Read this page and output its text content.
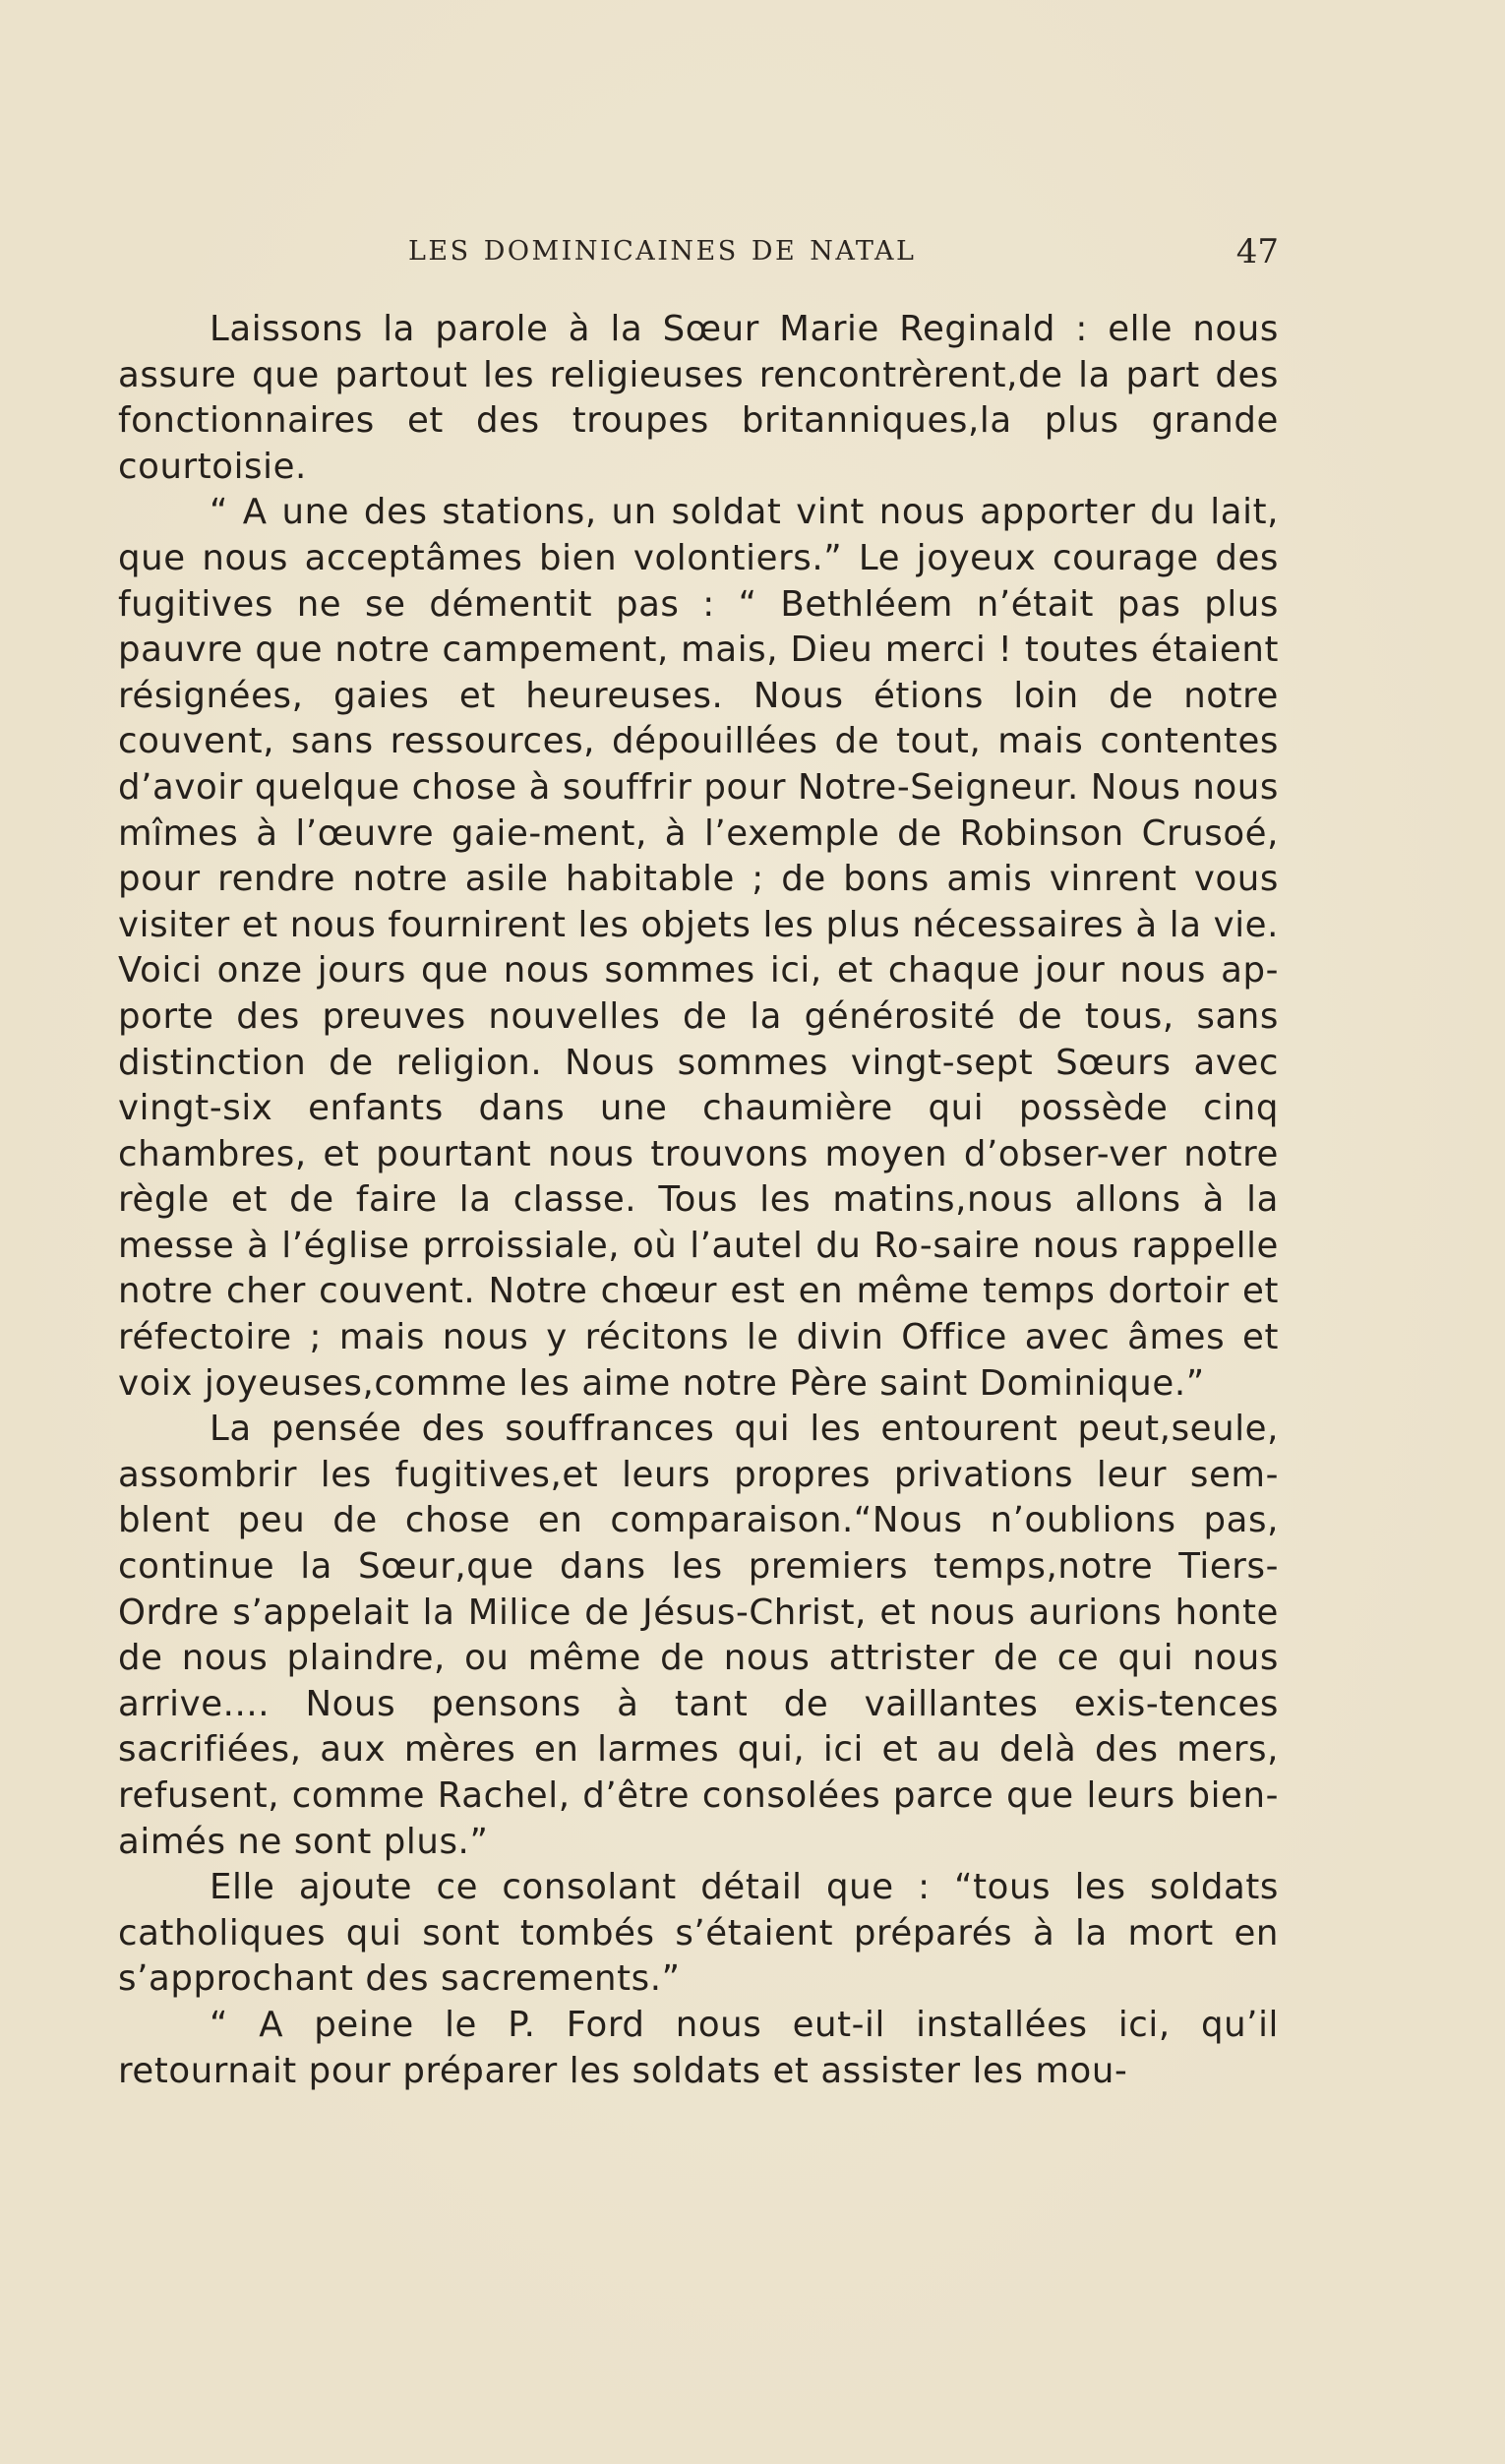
LES DOMINICAINES DE NATAL	47

Laissons la parole à la Sœur Marie Reginald : elle nous assure que partout les religieuses rencontrèrent,de la part des fonctionnaires et des troupes britanniques,la plus grande courtoisie.

“ A une des stations, un soldat vint nous apporter du lait, que nous acceptâmes bien volontiers.” Le joyeux courage des fugitives ne se démentit pas : “ Bethléem n’était pas plus pauvre que notre campement, mais, Dieu merci ! toutes étaient résignées, gaies et heureuses. Nous étions loin de notre couvent, sans ressources, dépouillées de tout, mais contentes d’avoir quelque chose à souffrir pour Notre-Seigneur. Nous nous mîmes à l’œuvre gaie-ment, à l’exemple de Robinson Crusoé, pour rendre notre asile habitable ; de bons amis vinrent vous visiter et nous fournirent les objets les plus nécessaires à la vie. Voici onze jours que nous sommes ici, et chaque jour nous ap-porte des preuves nouvelles de la générosité de tous, sans distinction de religion. Nous sommes vingt-sept Sœurs avec vingt-six enfants dans une chaumière qui possède cinq chambres, et pourtant nous trouvons moyen d’obser-ver notre règle et de faire la classe. Tous les matins,nous allons à la messe à l’église prroissiale, où l’autel du Ro-saire nous rappelle notre cher couvent. Notre chœur est en même temps dortoir et réfectoire ; mais nous y récitons le divin Office avec âmes et voix joyeuses,comme les aime notre Père saint Dominique.”

La pensée des souffrances qui les entourent peut,seule, assombrir les fugitives,et leurs propres privations leur sem-blent peu de chose en comparaison.“Nous n’oublions pas, continue la Sœur,que dans les premiers temps,notre Tiers-Ordre s’appelait la Milice de Jésus-Christ, et nous aurions honte de nous plaindre, ou même de nous attrister de ce qui nous arrive.... Nous pensons à tant de vaillantes exis-tences sacrifiées, aux mères en larmes qui, ici et au delà des mers, refusent, comme Rachel, d’être consolées parce que leurs bien-aimés ne sont plus.”

Elle ajoute ce consolant détail que : “tous les soldats catholiques qui sont tombés s’étaient préparés à la mort en s’approchant des sacrements.”

“ A peine le P. Ford nous eut-il installées ici, qu’il retournait pour préparer les soldats et assister les mou-
